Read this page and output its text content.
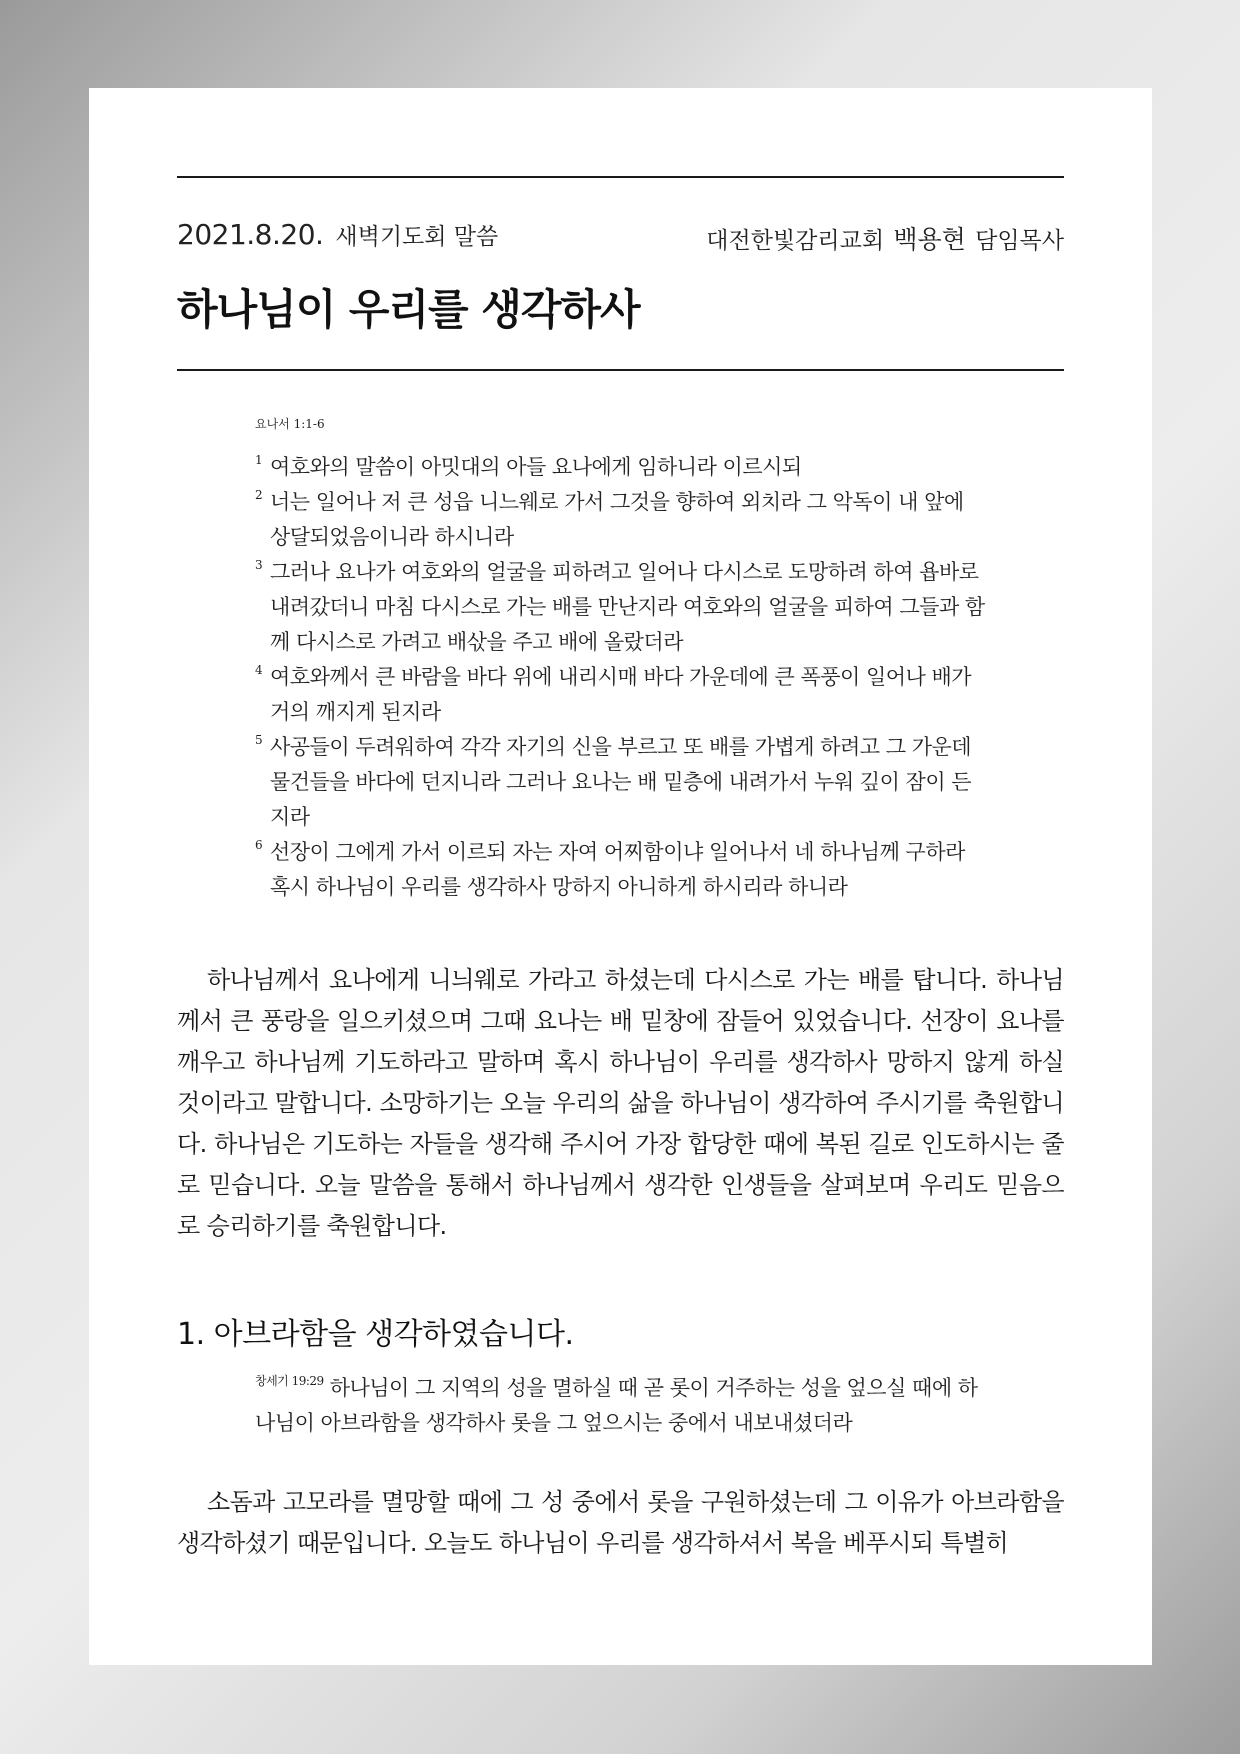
2021.8.20. 새벽기도회 말씀	대전한빛감리교회 백용현 담임목사
하나님이 우리를 생각하사
요나서 1:1-6
1 여호와의 말씀이 아밋대의 아들 요나에게 임하니라 이르시되
2 너는 일어나 저 큰 성읍 니느웨로 가서 그것을 향하여 외치라 그 악독이 내 앞에 상달되었음이니라 하시니라
3 그러나 요나가 여호와의 얼굴을 피하려고 일어나 다시스로 도망하려 하여 욥바로 내려갔더니 마침 다시스로 가는 배를 만난지라 여호와의 얼굴을 피하여 그들과 함께 다시스로 가려고 배삯을 주고 배에 올랐더라
4 여호와께서 큰 바람을 바다 위에 내리시매 바다 가운데에 큰 폭풍이 일어나 배가 거의 깨지게 된지라
5 사공들이 두려워하여 각각 자기의 신을 부르고 또 배를 가볍게 하려고 그 가운데 물건들을 바다에 던지니라 그러나 요나는 배 밑층에 내려가서 누워 깊이 잠이 든지라
6 선장이 그에게 가서 이르되 자는 자여 어찌함이냐 일어나서 네 하나님께 구하라 혹시 하나님이 우리를 생각하사 망하지 아니하게 하시리라 하니라
하나님께서 요나에게 니늬웨로 가라고 하셨는데 다시스로 가는 배를 탑니다. 하나님께서 큰 풍랑을 일으키셨으며 그때 요나는 배 밑창에 잠들어 있었습니다. 선장이 요나를 깨우고 하나님께 기도하라고 말하며 혹시 하나님이 우리를 생각하사 망하지 않게 하실 것이라고 말합니다. 소망하기는 오늘 우리의 삶을 하나님이 생각하여 주시기를 축원합니다. 하나님은 기도하는 자들을 생각해 주시어 가장 합당한 때에 복된 길로 인도하시는 줄로 믿습니다. 오늘 말씀을 통해서 하나님께서 생각한 인생들을 살펴보며 우리도 믿음으로 승리하기를 축원합니다.
1. 아브라함을 생각하였습니다.
$^{창세기 19:29}$ 하나님이 그 지역의 성을 멸하실 때 곧 롯이 거주하는 성을 엎으실 때에 하나님이 아브라함을 생각하사 롯을 그 엎으시는 중에서 내보내셨더라
소돔과 고모라를 멸망할 때에 그 성 중에서 롯을 구원하셨는데 그 이유가 아브라함을 생각하셨기 때문입니다. 오늘도 하나님이 우리를 생각하셔서 복을 베푸시되 특별히
